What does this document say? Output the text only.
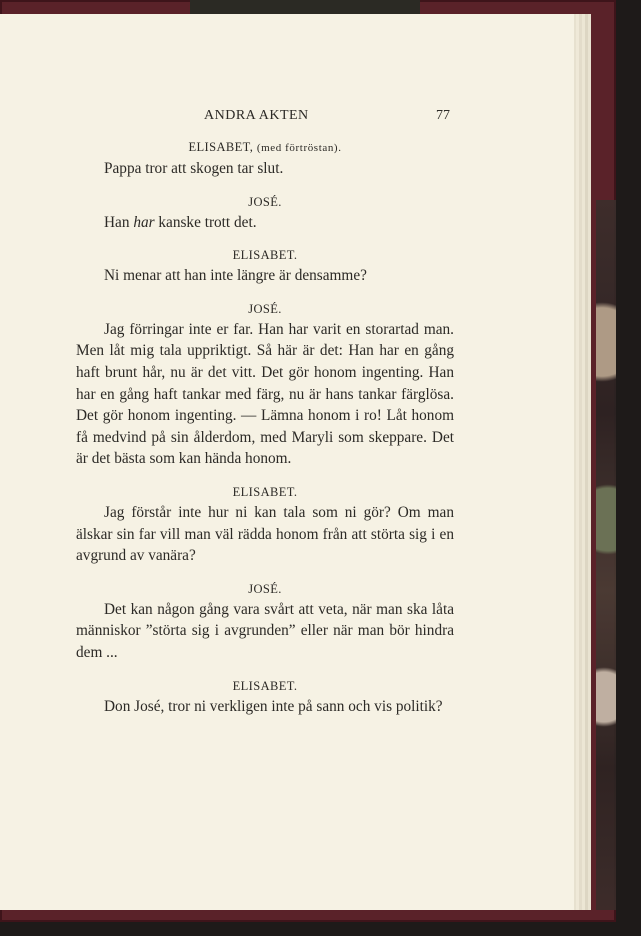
ANDRA AKTEN	77

ELISABET, (med förtröstan).

Pappa tror att skogen tar slut.

JOSÉ.

Han har kanske trott det.

ELISABET.

Ni menar att han inte längre är densamme?

JOSÉ.

Jag förringar inte er far. Han har varit en storartad man. Men låt mig tala uppriktigt. Så här är det: Han har en gång haft brunt hår, nu är det vitt. Det gör honom ingenting. Han har en gång haft tankar med färg, nu är hans tankar färglösa. Det gör honom ingenting. — Lämna honom i ro! Låt honom få medvind på sin ålderdom, med Maryli som skeppare. Det är det bästa som kan hända honom.

ELISABET.

Jag förstår inte hur ni kan tala som ni gör? Om man älskar sin far vill man väl rädda honom från att störta sig i en avgrund av vanära?

JOSÉ.

Det kan någon gång vara svårt att veta, när man ska låta människor ”störta sig i avgrunden” eller när man bör hindra dem ...

ELISABET.

Don José, tror ni verkligen inte på sann och vis politik?
